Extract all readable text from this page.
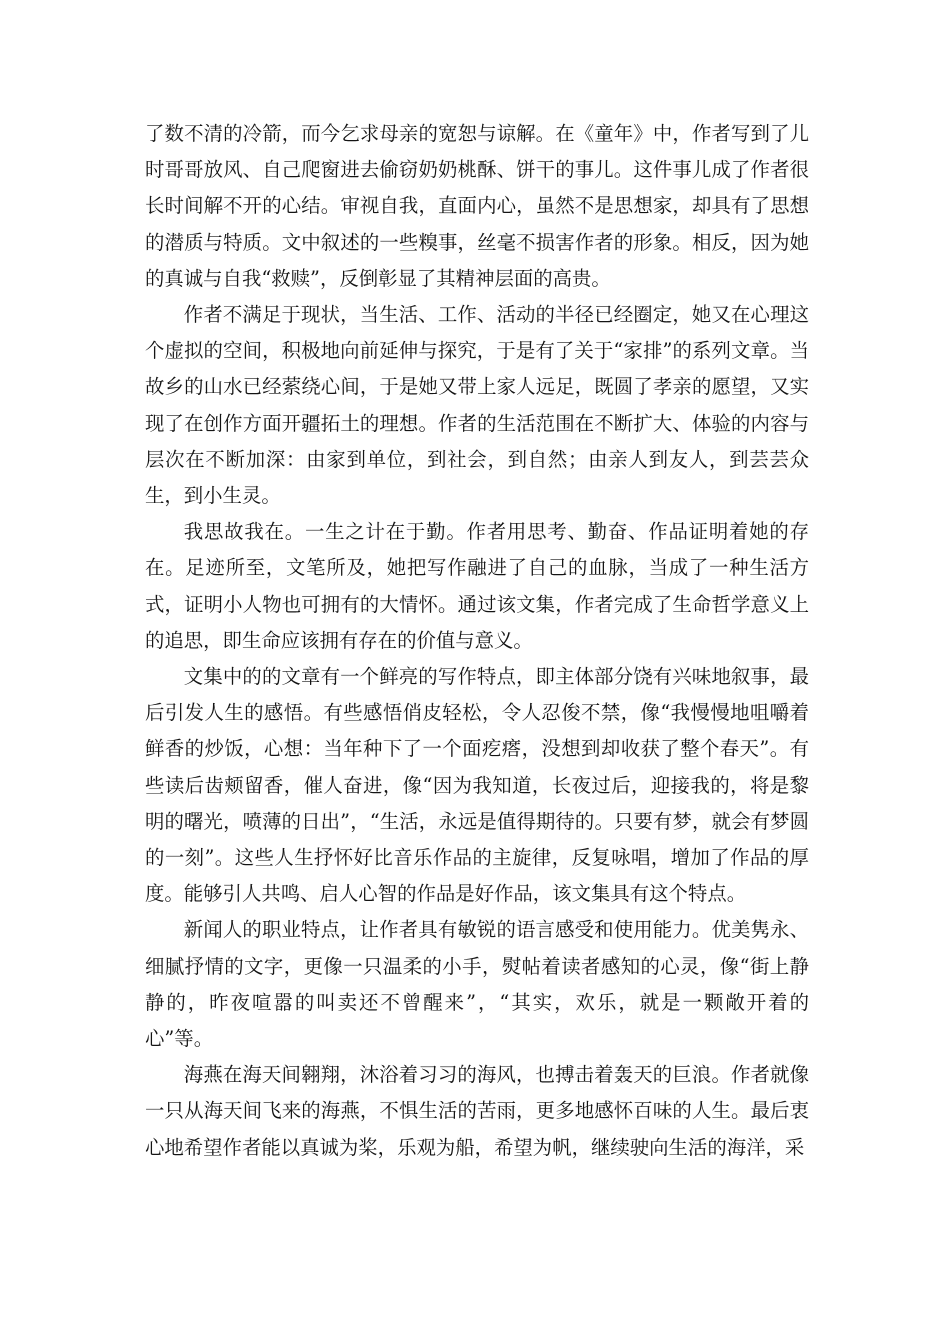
了数不清的冷箭，而今乞求母亲的宽恕与谅解。在《童年》中，作者写到了儿时哥哥放风、自己爬窗进去偷窃奶奶桃酥、饼干的事儿。这件事儿成了作者很长时间解不开的心结。审视自我，直面内心，虽然不是思想家，却具有了思想的潜质与特质。文中叙述的一些糗事，丝毫不损害作者的形象。相反，因为她的真诚与自我“救赎”，反倒彰显了其精神层面的高贵。

作者不满足于现状，当生活、工作、活动的半径已经圈定，她又在心理这个虚拟的空间，积极地向前延伸与探究，于是有了关于“家排”的系列文章。当故乡的山水已经萦绕心间，于是她又带上家人远足，既圆了孝亲的愿望，又实现了在创作方面开疆拓土的理想。作者的生活范围在不断扩大、体验的内容与层次在不断加深：由家到单位，到社会，到自然；由亲人到友人，到芸芸众生，到小生灵。

我思故我在。一生之计在于勤。作者用思考、勤奋、作品证明着她的存在。足迹所至，文笔所及，她把写作融进了自己的血脉，当成了一种生活方式，证明小人物也可拥有的大情怀。通过该文集，作者完成了生命哲学意义上的追思，即生命应该拥有存在的价值与意义。

文集中的的文章有一个鲜亮的写作特点，即主体部分饶有兴味地叙事，最后引发人生的感悟。有些感悟俏皮轻松，令人忍俊不禁，像“我慢慢地咀嚼着鲜香的炒饭，心想：当年种下了一个面疙瘩，没想到却收获了整个春天”。有些读后齿颊留香，催人奋进，像“因为我知道，长夜过后，迎接我的，将是黎明的曙光，喷薄的日出”，“生活，永远是值得期待的。只要有梦，就会有梦圆的一刻”。这些人生抒怀好比音乐作品的主旋律，反复咏唱，增加了作品的厚度。能够引人共鸣、启人心智的作品是好作品，该文集具有这个特点。

新闻人的职业特点，让作者具有敏锐的语言感受和使用能力。优美隽永、细腻抒情的文字，更像一只温柔的小手，熨帖着读者感知的心灵，像“街上静静的，昨夜喧嚣的叫卖还不曾醒来”，“其实，欢乐，就是一颗敞开着的心”等。

海燕在海天间翱翔，沐浴着习习的海风，也搏击着轰天的巨浪。作者就像一只从海天间飞来的海燕，不惧生活的苦雨，更多地感怀百味的人生。最后衷心地希望作者能以真诚为桨，乐观为船，希望为帆，继续驶向生活的海洋，采
